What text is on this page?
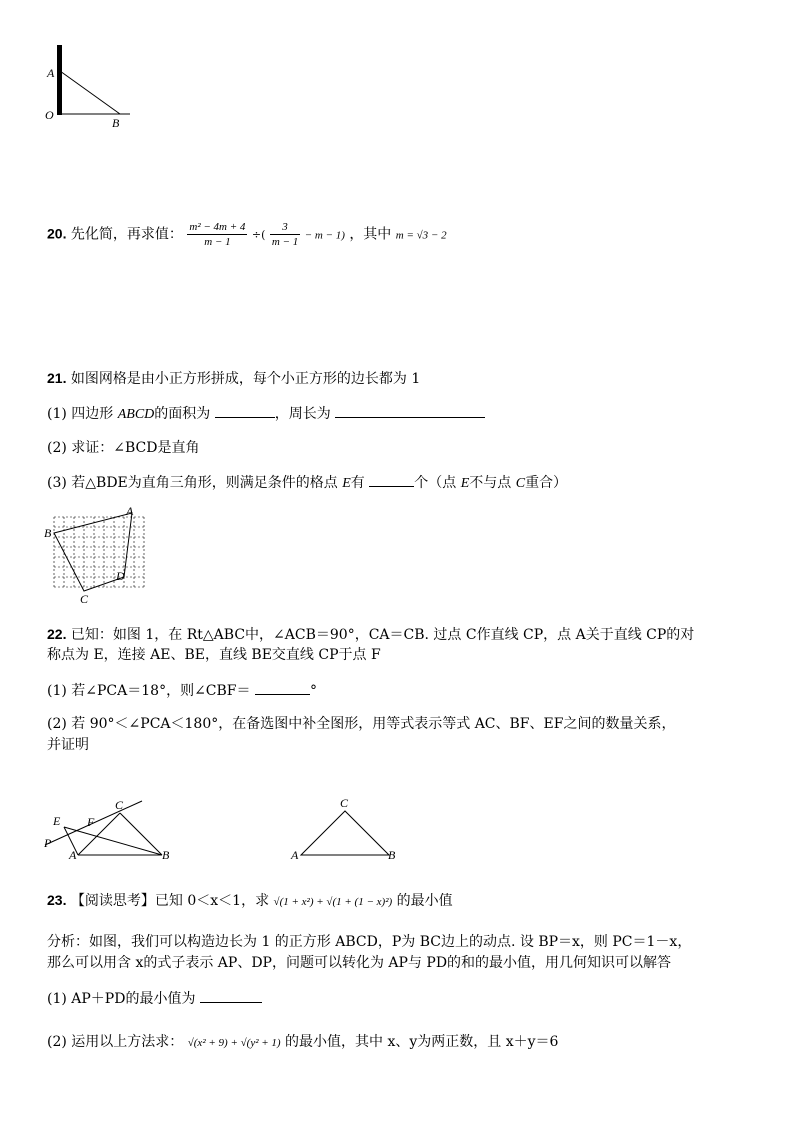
A
O
B
20. 先化简，再求值： $\frac{\text{m² − 4m + 4}}{m - 1}$ ÷( $\frac{3}{m - 1} - m - 1$) ，其中 m = √3 − 2
21. 如图网格是由小正方形拼成，每个小正方形的边长都为 1
(1) 四边形 ABCD的面积为	，周长为
(2) 求证：∠BCD是直角
(3) 若△BDE为直角三角形，则满足条件的格点 E有	个（点 E不与点 C重合）
A
B
C
D
22. 已知：如图 1，在 Rt△ABC中，∠ACB＝90°，CA＝CB. 过点 C作直线 CP，点 A关于直线 CP的对
称点为 E，连接 AE、BE，直线 BE交直线 CP于点 F
(1) 若∠PCA＝18°，则∠CBF＝	°
(2) 若 90°＜∠PCA＜180°，在备选图中补全图形，用等式表示等式 AC、BF、EF之间的数量关系，
并证明
C
E F
P
A	B
C
A	B
23. 【阅读思考】已知 0＜x＜1，求 √(1 + x²) + √(1 + (1 − x)²) 的最小值
分析：如图，我们可以构造边长为 1 的正方形 ABCD，P为 BC边上的动点. 设 BP＝x，则 PC＝1－x，
那么可以用含 x的式子表示 AP、DP，问题可以转化为 AP与 PD的和的最小值，用几何知识可以解答
(1) AP＋PD的最小值为
(2) 运用以上方法求： √(x² + 9) + √(y² + 1) 的最小值，其中 x、y为两正数，且 x＋y＝6
